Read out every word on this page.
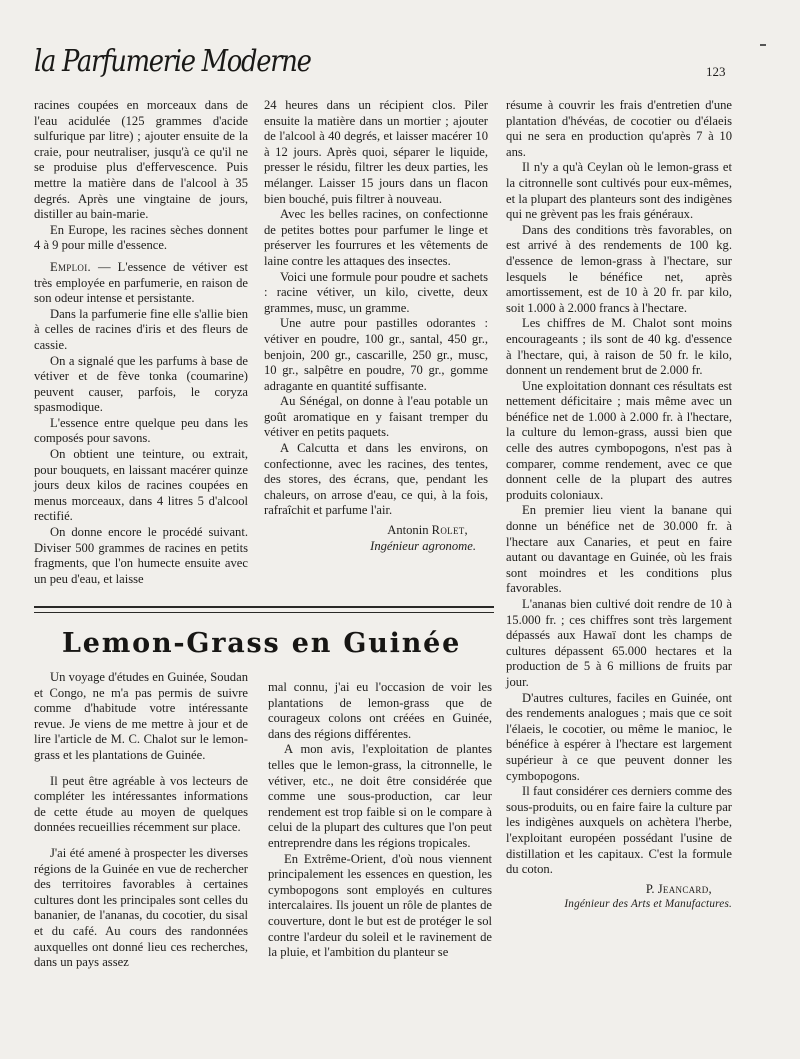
la Parfumerie Moderne	123

racines coupées en morceaux dans de l'eau acidulée (125 grammes d'acide sulfurique par litre) ; ajouter ensuite de la craie, pour neutraliser, jusqu'à ce qu'il ne se produise plus d'effervescence. Puis mettre la matière dans de l'alcool à 35 degrés. Après une vingtaine de jours, distiller au bain-marie.

En Europe, les racines sèches donnent 4 à 9 pour mille d'essence.

Emploi. — L'essence de vétiver est très employée en parfumerie, en raison de son odeur intense et persistante.

Dans la parfumerie fine elle s'allie bien à celles de racines d'iris et des fleurs de cassie.

On a signalé que les parfums à base de vétiver et de fève tonka (coumarine) peuvent causer, parfois, le coryza spasmodique.

L'essence entre quelque peu dans les composés pour savons.

On obtient une teinture, ou extrait, pour bouquets, en laissant macérer quinze jours deux kilos de racines coupées en menus morceaux, dans 4 litres 5 d'alcool rectifié.

On donne encore le procédé suivant. Diviser 500 grammes de racines en petits fragments, que l'on humecte ensuite avec un peu d'eau, et laisse

24 heures dans un récipient clos. Piler ensuite la matière dans un mortier ; ajouter de l'alcool à 40 degrés, et laisser macérer 10 à 12 jours. Après quoi, séparer le liquide, presser le résidu, filtrer les deux parties, les mélanger. Laisser 15 jours dans un flacon bien bouché, puis filtrer à nouveau.

Avec les belles racines, on confectionne de petites bottes pour parfumer le linge et préserver les fourrures et les vêtements de laine contre les attaques des insectes.

Voici une formule pour poudre et sachets : racine vétiver, un kilo, civette, deux grammes, musc, un gramme.

Une autre pour pastilles odorantes : vétiver en poudre, 100 gr., santal, 450 gr., benjoin, 200 gr., cascarille, 250 gr., musc, 10 gr., salpêtre en poudre, 70 gr., gomme adragante en quantité suffisante.

Au Sénégal, on donne à l'eau potable un goût aromatique en y faisant tremper du vétiver en petits paquets.

A Calcutta et dans les environs, on confectionne, avec les racines, des tentes, des stores, des écrans, que, pendant les chaleurs, on arrose d'eau, ce qui, à la fois, rafraîchit et parfume l'air.

Antonin Rolet,
Ingénieur agronome.

résume à couvrir les frais d'entretien d'une plantation d'hévéas, de cocotier ou d'élaeis qui ne sera en production qu'après 7 à 10 ans.

Il n'y a qu'à Ceylan où le lemon-grass et la citronnelle sont cultivés pour eux-mêmes, et la plupart des planteurs sont des indigènes qui ne grèvent pas les frais généraux.

Dans des conditions très favorables, on est arrivé à des rendements de 100 kg. d'essence de lemon-grass à l'hectare, sur lesquels le bénéfice net, après amortissement, est de 10 à 20 fr. par kilo, soit 1.000 à 2.000 francs à l'hectare.

Les chiffres de M. Chalot sont moins encourageants ; ils sont de 40 kg. d'essence à l'hectare, qui, à raison de 50 fr. le kilo, donnent un rendement brut de 2.000 fr.

Une exploitation donnant ces résultats est nettement déficitaire ; mais même avec un bénéfice net de 1.000 à 2.000 fr. à l'hectare, la culture du lemon-grass, aussi bien que celle des autres cymbopogons, n'est pas à comparer, comme rendement, avec ce que donnent celle de la plupart des autres produits coloniaux.

En premier lieu vient la banane qui donne un bénéfice net de 30.000 fr. à l'hectare aux Canaries, et peut en faire autant ou davantage en Guinée, où les frais sont moindres et les conditions plus favorables.

L'ananas bien cultivé doit rendre de 10 à 15.000 fr. ; ces chiffres sont très largement dépassés aux Hawaï dont les champs de cultures dépassent 65.000 hectares et la production de 5 à 6 millions de fruits par jour.

D'autres cultures, faciles en Guinée, ont des rendements analogues ; mais que ce soit l'élaeis, le cocotier, ou même le manioc, le bénéfice à espérer à l'hectare est largement supérieur à ce que peuvent donner les cymbopogons.

Il faut considérer ces derniers comme des sous-produits, ou en faire faire la culture par les indigènes auxquels on achètera l'herbe, l'exploitant européen possédant l'usine de distillation et les capitaux. C'est la formule du coton.

P. Jeancard,
Ingénieur des Arts et Manufactures.
Lemon-Grass en Guinée

Un voyage d'études en Guinée, Soudan et Congo, ne m'a pas permis de suivre comme d'habitude votre intéressante revue. Je viens de me mettre à jour et de lire l'article de M. C. Chalot sur le lemon-grass et les plantations de Guinée.

Il peut être agréable à vos lecteurs de compléter les intéressantes informations de cette étude au moyen de quelques données recueillies récemment sur place.

J'ai été amené à prospecter les diverses régions de la Guinée en vue de rechercher des territoires favorables à certaines cultures dont les principales sont celles du bananier, de l'ananas, du cocotier, du sisal et du café. Au cours des randonnées auxquelles ont donné lieu ces recherches, dans un pays assez

mal connu, j'ai eu l'occasion de voir les plantations de lemon-grass que de courageux colons ont créées en Guinée, dans des régions différentes.

A mon avis, l'exploitation de plantes telles que le lemon-grass, la citronnelle, le vétiver, etc., ne doit être considérée que comme une sous-production, car leur rendement est trop faible si on le compare à celui de la plupart des cultures que l'on peut entreprendre dans les régions tropicales.

En Extrême-Orient, d'où nous viennent principalement les essences en question, les cymbopogons sont employés en cultures intercalaires. Ils jouent un rôle de plantes de couverture, dont le but est de protéger le sol contre l'ardeur du soleil et le ravinement de la pluie, et l'ambition du planteur se
